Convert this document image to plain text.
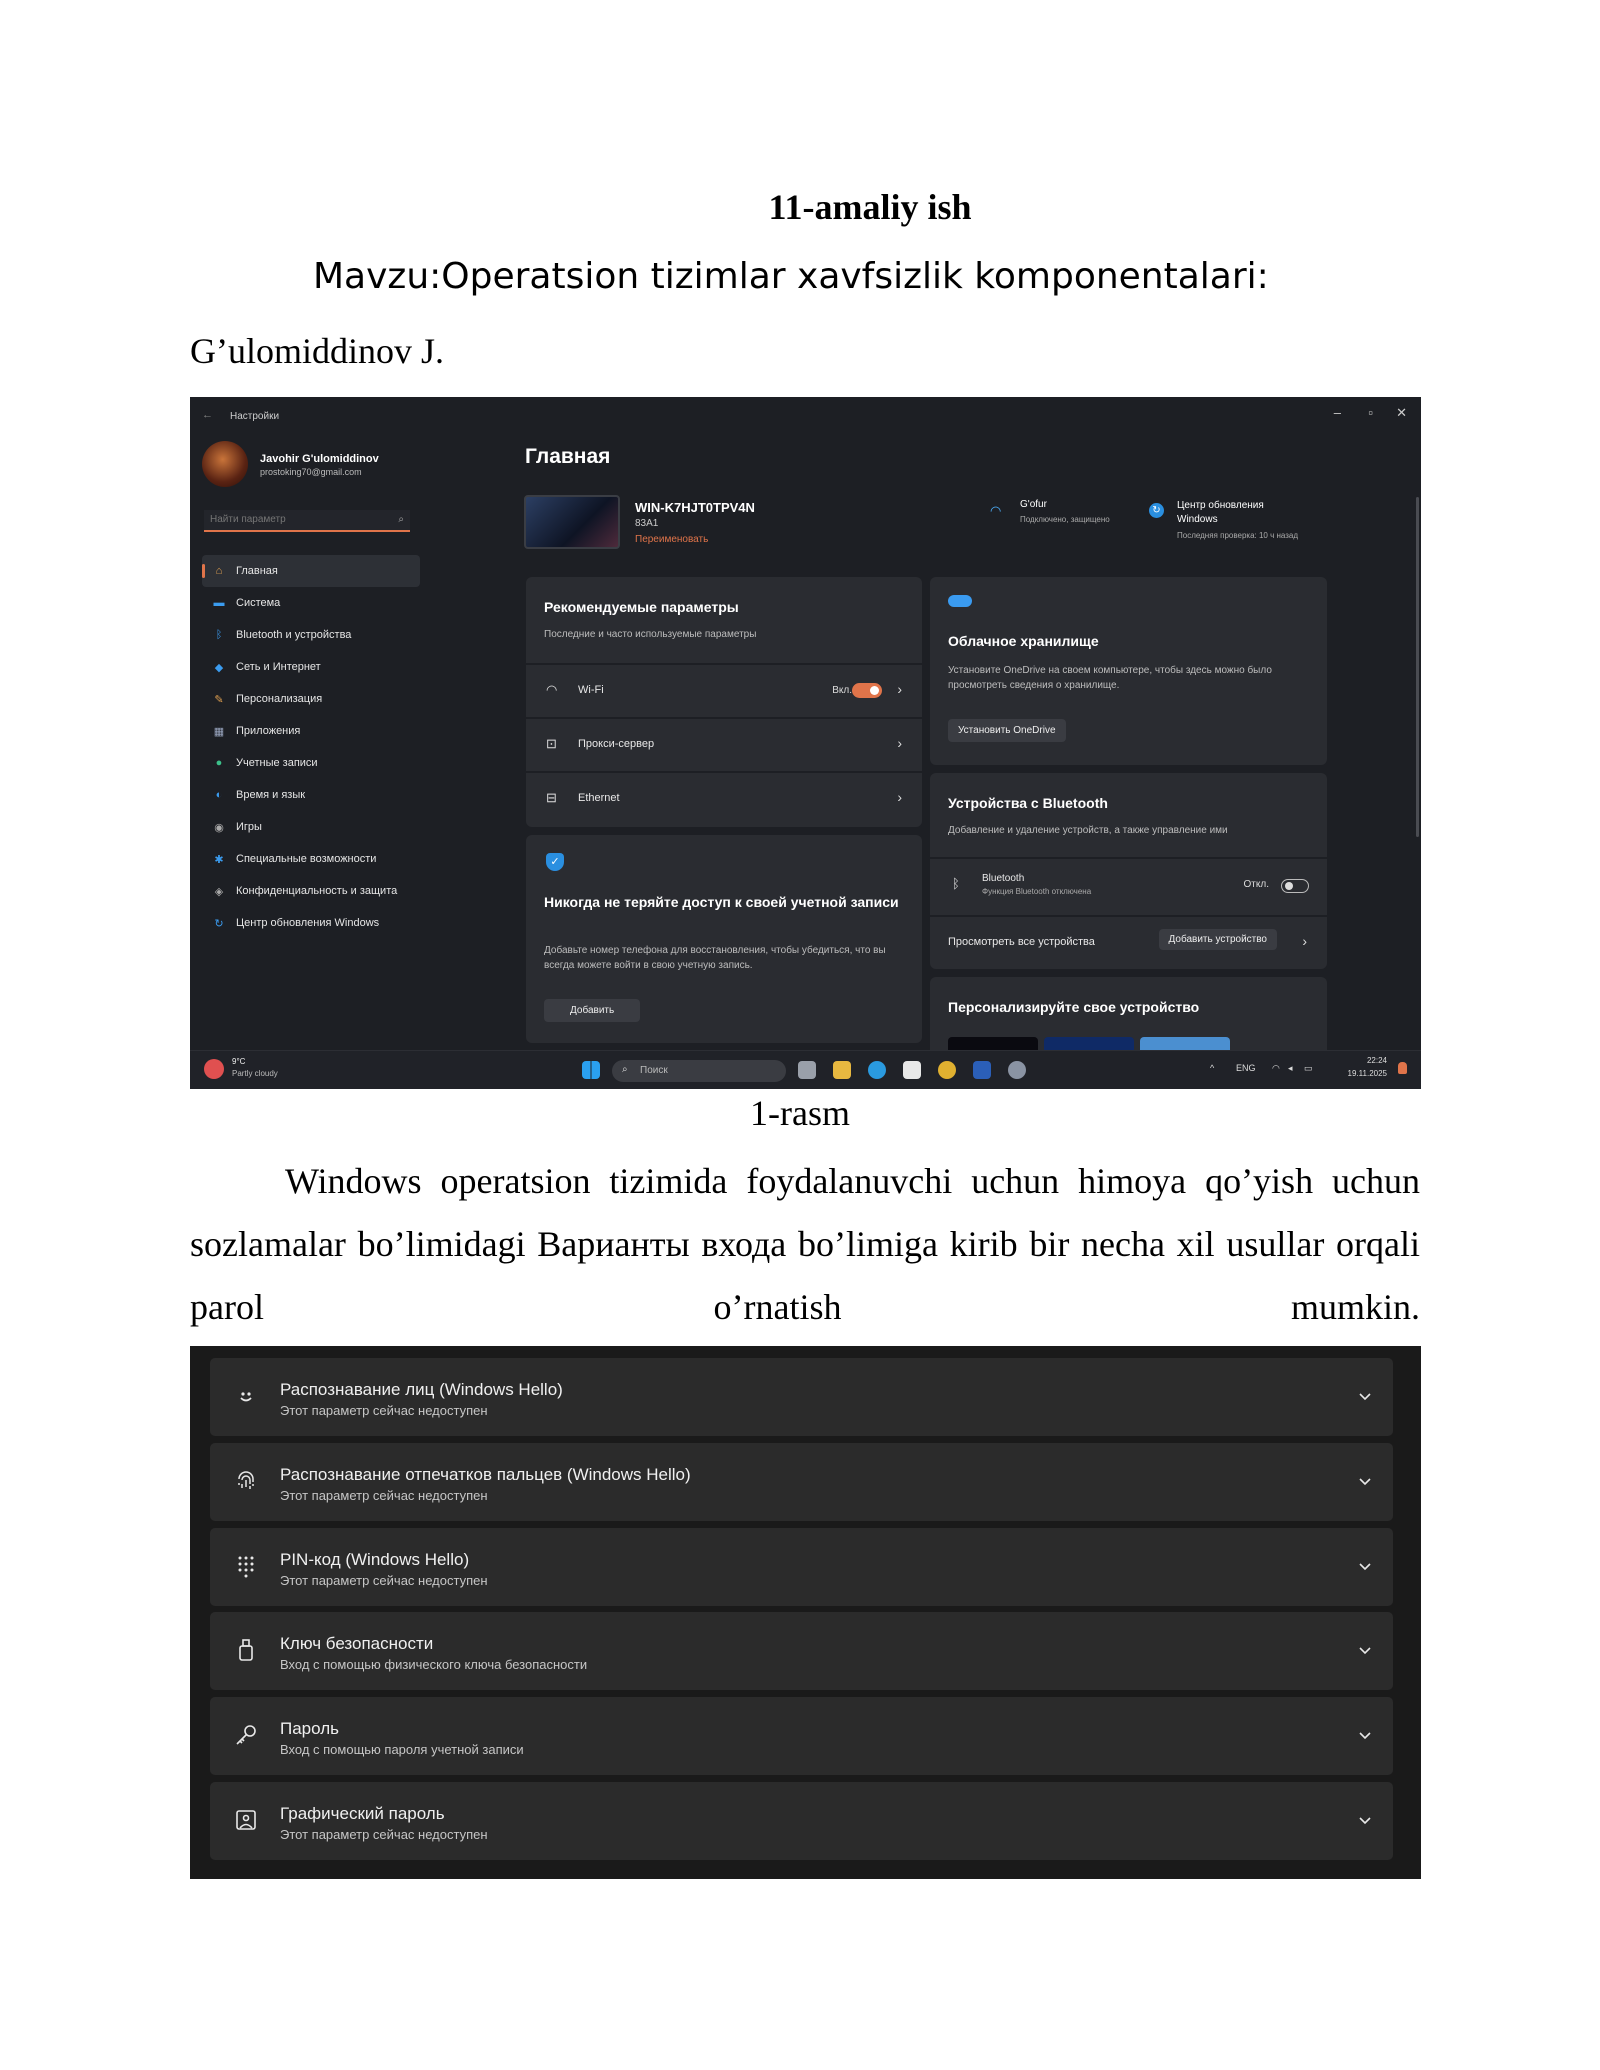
11-amaliy ish
Mavzu:Operatsion tizimlar xavfsizlik komponentalari:
G’ulomiddinov J.
← Настройки	– ▫ ✕
Javohir G'ulomiddinov
prostoking70@gmail.com
Найти параметр
⌕
⌂	Главная
▬ Система
ᛒ	Bluetooth и устройства
◆ Сеть и Интернет
✎ Персонализация
▦ Приложения
●	Учетные записи
◐	Время и язык
◉ Игры
✱ Специальные возможности
◈ Конфиденциальность и защита
↻ Центр обновления Windows
Главная
WIN-K7HJT0TPV4N
83A1
Переименовать
◠ G'ofur
Подключено, защищено
↻	Центр обновления Windows
Последняя проверка: 10 ч назад
Рекомендуемые параметры
Последние и часто используемые параметры
◠ Wi-Fi	Вкл.	›
⊡ Прокси-сервер	›
⊟ Ethernet	›
✓
Никогда не теряйте доступ к своей учетной записи
Добавьте номер телефона для восстановления, чтобы убедиться, что вы всегда можете войти в свою учетную запись.
Добавить
Облачное хранилище
Установите OneDrive на своем компьютере, чтобы здесь можно было просмотреть сведения о хранилище.
Установить OneDrive
Устройства с Bluetooth
Добавление и удаление устройств, а также управление ими
ᛒ Bluetooth
Функция Bluetooth отключена
Откл.
Просмотреть все устройства	Добавить устройство	›
Персонализируйте свое устройство
9°C
Partly cloudy	⌕ Поиск	^ ENG ◠ ◂ ▭
22:24
19.11.2025
1-rasm
Windows operatsion tizimida foydalanuvchi uchun himoya qo’yish uchun
sozlamalar bo’limidagi Варианты входа bo’limiga kirib bir necha xil usullar orqali
parol o’rnatish mumkin.
Распознавание лиц (Windows Hello)
Этот параметр сейчас недоступен
Распознавание отпечатков пальцев (Windows Hello)
Этот параметр сейчас недоступен
PIN-код (Windows Hello)
Этот параметр сейчас недоступен
Ключ безопасности
Вход с помощью физического ключа безопасности
Пароль
Вход с помощью пароля учетной записи
Графический пароль
Этот параметр сейчас недоступен
